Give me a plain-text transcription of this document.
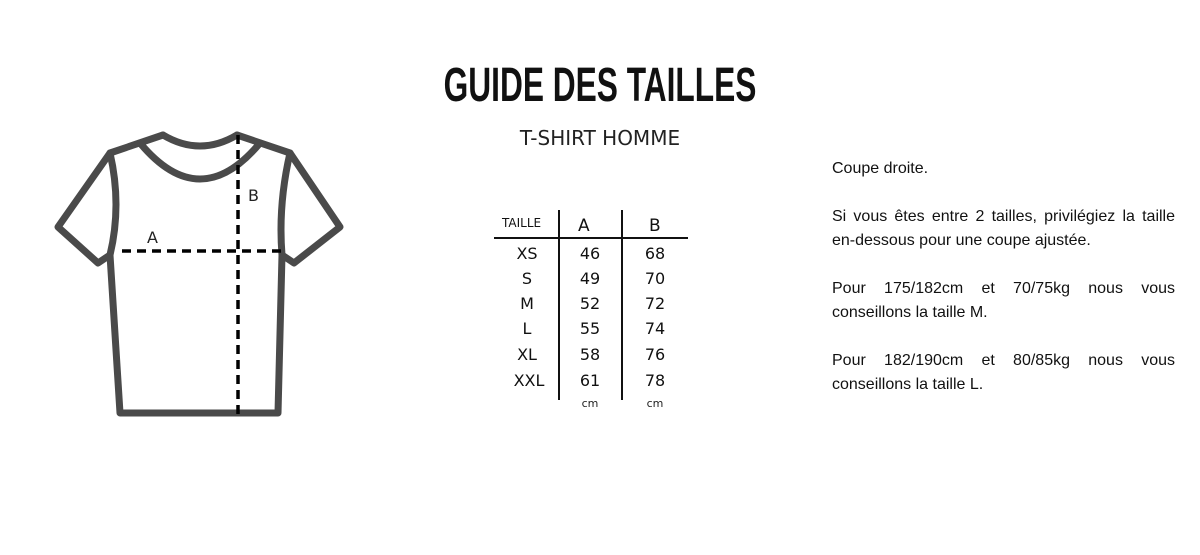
GUIDE DES TAILLES
T-SHIRT HOMME
A
B
TAILLE A	B
XS	46	68
S	49	70
M	52	72
L	55	74
XL	58	76
XXL	61	78
cm	cm

Coupe droite.

Si vous êtes entre 2 tailles, privilégiez la taille en-dessous pour une coupe ajustée.

Pour 175/182cm et 70/75kg nous vous conseillons la taille M.

Pour 182/190cm et 80/85kg nous vous conseillons la taille L.
